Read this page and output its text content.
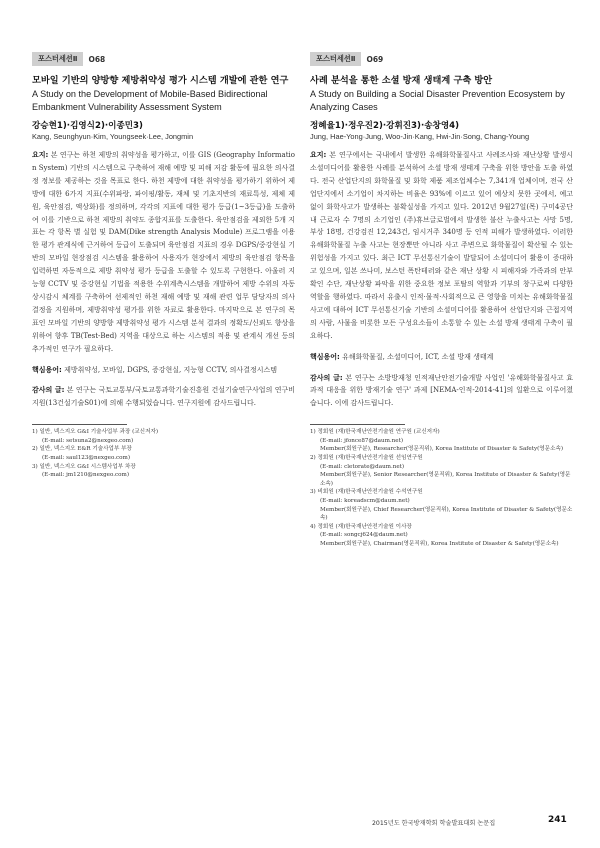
포스터세션Ⅱ	O68
모바일 기반의 양방향 제방취약성 평가 시스템 개발에 관한 연구
A Study on the Development of Mobile-Based Bidirectional Embankment Vulnerability Assessment System
강승현1)·김영식2)·이종민3)
Kang, Seunghyun·Kim, Youngseek·Lee, Jongmin
요지: 본 연구는 하천 제방의 취약성을 평가하고, 이를 GIS (Geography Information System) 기반의 시스템으로 구축하여 재해 예방 및 피해 저감 활동에 필요한 의사결정 정보를 제공하는 것을 목표로 한다. 하천 제방에 대한 취약성을 평가하기 위하여 제방에 대한 6가지 지표(수위파랑, 파이핑/활동, 재체 및 기초지반의 재료특성, 제체 제원, 육안점검, 액상화)를 정의하며, 각각의 지표에 대한 평가 등급(1~3등급)을 도출하여 이를 기반으로 하천 제방의 취약도 종합지표를 도출한다. 육안점검을 제외한 5개 지표는 각 항목 별 실험 및 DAM(Dike strength Analysis Module) 프로그램을 이용한 평가 관계식에 근거하여 등급이 도출되며 육안점검 지표의 경우 DGPS/중강현실 기반의 모바일 현장점검 시스템을 활용하여 사용자가 현장에서 제방의 육안점검 항목을 입력하면 자동적으로 제방 취약성 평가 등급을 도출할 수 있도록 구현한다. 아울러 지능형 CCTV 및 중강현실 기법을 적용한 수위계측시스템을 개발하여 제방 수위의 자동 상시감시 체계를 구축하여 선제적인 하천 재해 예방 및 재해 관련 업무 담당자의 의사결정을 지원하며, 제방취약성 평가를 위한 자료로 활용한다. 마지막으로 본 연구의 목표인 모바일 기반의 양방향 제방취약성 평가 시스템 분석 결과의 정확도/신뢰도 향상을 위하여 향후 TB(Test-Bed) 지역을 대상으로 하는 시스템의 적용 및 관계식 개선 등의 추가적인 연구가 필요하다.
핵심용어: 제방취약성, 모바일, DGPS, 증강현실, 지능형 CCTV, 의사결정시스템
감사의 글: 본 연구는 국토교통부/국토교통과학기술진흥원 건설기술연구사업의 연구비 지원(13건설기술S01)에 의해 수행되었습니다. 연구지원에 감사드립니다.
1) 일반, 넥스지오 G&I 기술사업부 과장 (교신저자)
(E-mail: setsuna2@nexgeo.com)
2) 일반, 넥스지오 E&R 기술사업부 부장
(E-mail: saul123@nexgeo.com)
3) 일반, 넥스지오 G&I 시스템사업부 차장
(E-mail: jm1210@nexgeo.com)
포스터세션Ⅱ	O69
사례 분석을 통한 소셜 방재 생태계 구축 방안
A Study on Building a Social Disaster Prevention Ecosystem by Analyzing Cases
정혜율1)·정우진2)·강휘진3)·송창영4)
Jung, Hae-Yong·Jung, Woo-Jin·Kang, Hwi-Jin·Song, Chang-Young
요지: 본 연구에서는 국내에서 발생한 유해화학물질사고 사례조사와 재난상황 발생시 소셜미디어를 활용한 사례를 분석하여 소셜 방재 생태계 구축을 위한 방안을 도출 하였다. 전국 산업단지의 화학물질 및 화학 제품 제조업체수는 7,341개 업체이며, 전국 산업단지에서 소기업이 차지하는 비율은 93%에 이르고 있어 예상치 못한 곳에서, 예고 없이 화학사고가 발생하는 불확실성을 가지고 있다. 2012년 9월27일(목) 구미4공단 내 근로자 수 7명의 소기업인 (주)휴브글로벌에서 발생한 불산 누출사고는 사망 5명, 부상 18명, 건강검진 12,243건, 임시거주 340명 등 인적 피해가 발생하였다. 이러한 유해화학물질 누출 사고는 현장뿐만 아니라 사고 주변으로 화학물질이 확산될 수 있는 위험성을 가지고 있다. 최근 ICT 무선통신기술이 발달되어 소셜미디어 활용이 증대하고 있으며, 일본 쓰나미, 보스턴 폭탄테러와 같은 재난 상황 시 피해자와 가족과의 안부 확인 수단, 재난상황 파악을 위한 중요한 정보 포탈의 역할과 기부의 창구로써 다양한 역할을 행하였다. 따라서 유출시 인적·물적·사회적으로 큰 영향을 미치는 유해화학물질 사고에 대하여 ICT 무선통신기술 기반의 소셜미디어를 활용하여 산업단지와 근접지역의 사람, 사물을 비롯한 모든 구성요소들이 소통할 수 있는 소셜 방재 생태계 구축이 필요하다.
핵심용어: 유해화학물질, 소셜미디어, ICT, 소셜 방재 생태계
감사의 글: 본 연구는 소방방재청 인적재난안전기술개발 사업인 '유해화학물질사고 효과적 대응을 위한 방재기술 연구' 과제 [NEMA-인적-2014-41]의 일환으로 이루어졌습니다. 이에 감사드립니다.
1) 정회원 (재)한국재난안전기술원 연구원 (교신저자)
(E-mail: jfonce87@daum.net)
Member(회원구분), Researcher(영문직위), Korea Institute of Disaster & Safety(영문소속)
2) 정회원 (재)한국재난안전기술원 선임연구원
(E-mail: cletorate@daum.net)
Member(회원구분), Senior Researcher(영문직위), Korea Institute of Disaster & Safety(영문소속)
3) 비회원 (재)한국재난안전기술원 수석연구원
(E-mail: koreadscm@daum.net)
Member(회원구분), Chief Researcher(영문직위), Korea Institute of Disaster & Safety(영문소속)
4) 정회원 (재)한국재난안전기술원 이사장
(E-mail: songcj624@daum.net)
Member(회원구분), Chairman(영문직위), Korea Institute of Disaster & Safety(영문소속)
2015년도 한국방재학회 학술발표대회 논문집	241
